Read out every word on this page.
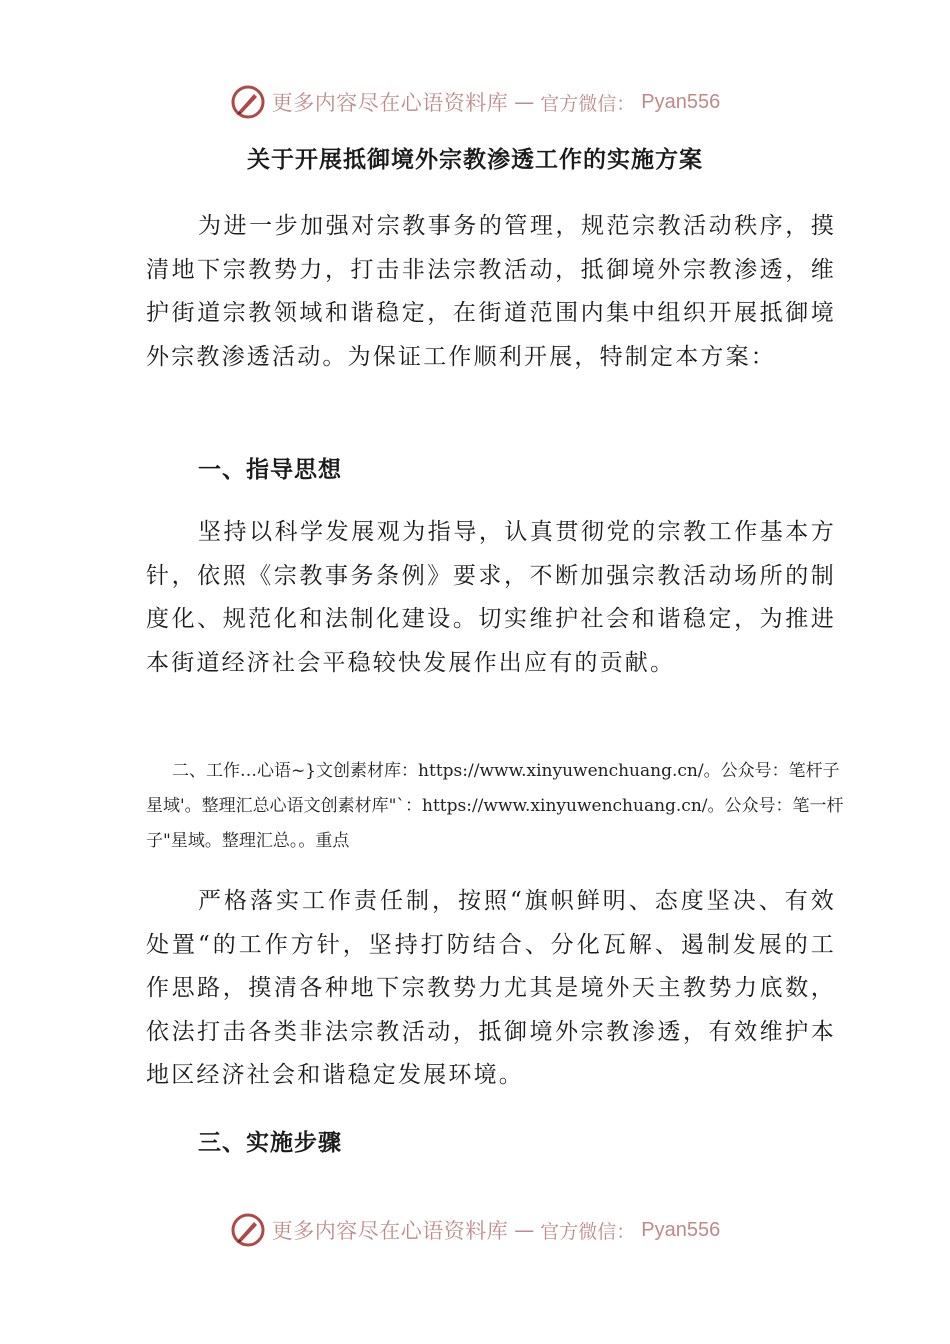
更多内容尽在心语资料库 — 官方微信： Pyan556
关于开展抵御境外宗教渗透工作的实施方案

为进一步加强对宗教事务的管理，规范宗教活动秩序，摸清地下宗教势力，打击非法宗教活动，抵御境外宗教渗透，维护街道宗教领域和谐稳定，在街道范围内集中组织开展抵御境外宗教渗透活动。为保证工作顺利开展，特制定本方案：

一、指导思想

坚持以科学发展观为指导，认真贯彻党的宗教工作基本方针，依照《宗教事务条例》要求，不断加强宗教活动场所的制度化、规范化和法制化建设。切实维护社会和谐稳定，为推进本街道经济社会平稳较快发展作出应有的贡献。

二、工作…心语~}文创素材库：https://www.xinyuwenchuang.cn/。公众号：笔杆子星域'。整理汇总心语文创素材库"`：https://www.xinyuwenchuang.cn/。公众号：笔一杆子"星域。整理汇总。。重点

严格落实工作责任制，按照“旗帜鲜明、态度坚决、有效处置“的工作方针，坚持打防结合、分化瓦解、遏制发展的工作思路，摸清各种地下宗教势力尤其是境外天主教势力底数，依法打击各类非法宗教活动，抵御境外宗教渗透，有效维护本地区经济社会和谐稳定发展环境。

三、实施步骤
更多内容尽在心语资料库 — 官方微信： Pyan556
